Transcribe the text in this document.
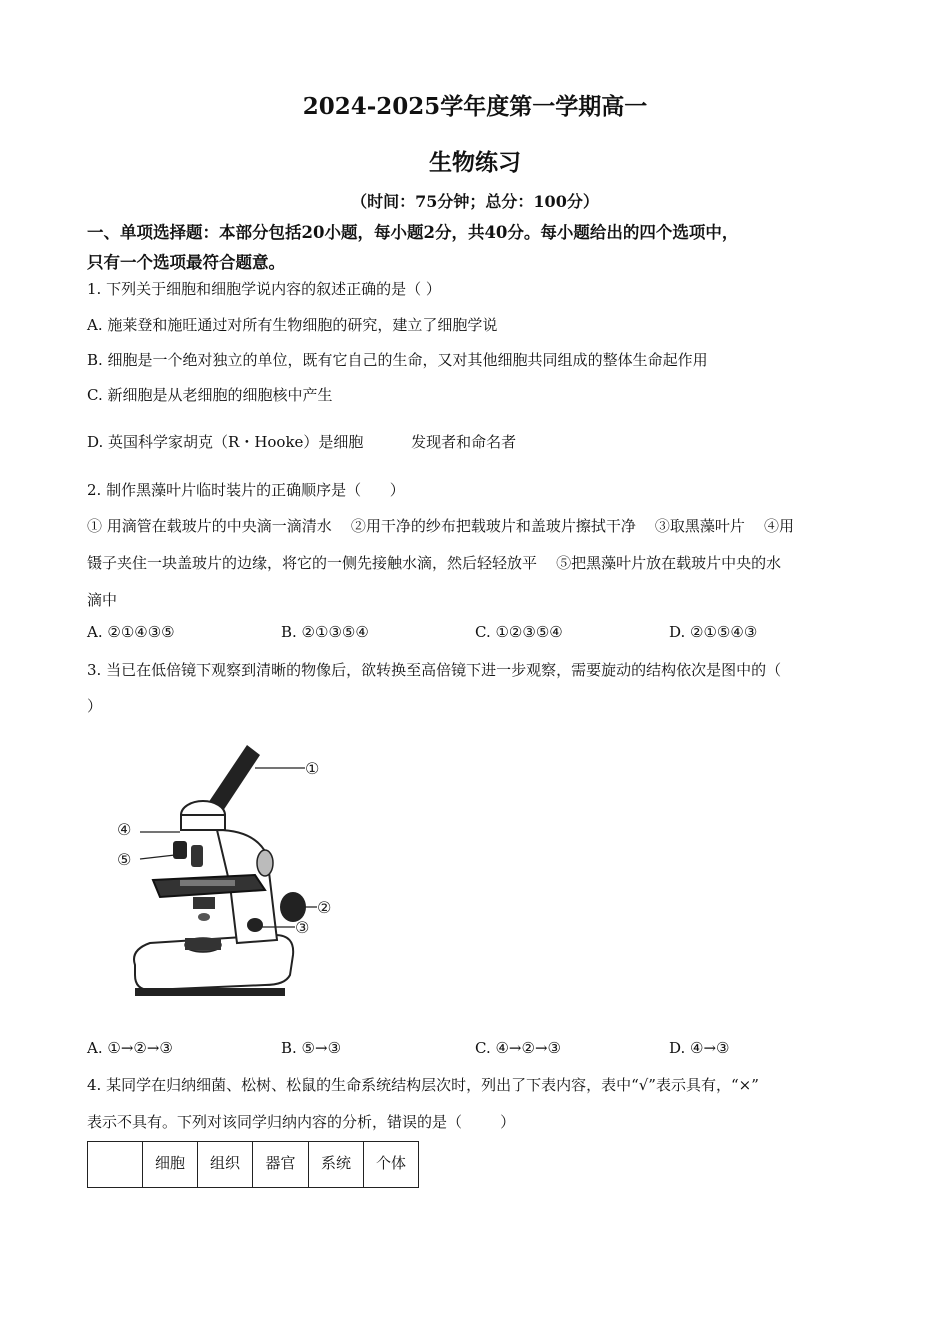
2024-2025学年度第一学期高一
生物练习
（时间：75分钟；总分：100分）
一、单项选择题：本部分包括20小题，每小题2分，共40分。每小题给出的四个选项中，
只有一个选项最符合题意。
1. 下列关于细胞和细胞学说内容的叙述正确的是（ ）
A. 施莱登和施旺通过对所有生物细胞的研究，建立了细胞学说
B. 细胞是一个绝对独立的单位，既有它自己的生命，又对其他细胞共同组成的整体生命起作用
C. 新细胞是从老细胞的细胞核中产生
D. 英国科学家胡克（R・Hooke）是细胞          发现者和命名者
2. 制作黑藻叶片临时装片的正确顺序是（      ）
① 用滴管在载玻片的中央滴一滴清水    ②用干净的纱布把载玻片和盖玻片擦拭干净    ③取黑藻叶片    ④用
镊子夹住一块盖玻片的边缘，将它的一侧先接触水滴，然后轻轻放平    ⑤把黑藻叶片放在载玻片中央的水
滴中
A. ②①④③⑤	B. ②①③⑤④	C. ①②③⑤④	D. ②①⑤④③
3. 当已在低倍镜下观察到清晰的物像后，欲转换至高倍镜下进一步观察，需要旋动的结构依次是图中的（
）
①
②
③
④
⑤
A. ①→②→③	B. ⑤→③	C. ④→②→③	D. ④→③
4. 某同学在归纳细菌、松树、松鼠的生命系统结构层次时，列出了下表内容，表中“√”表示具有，“×”
表示不具有。下列对该同学归纳内容的分析，错误的是（        ）
	细胞	组织	器官	系统	个体
